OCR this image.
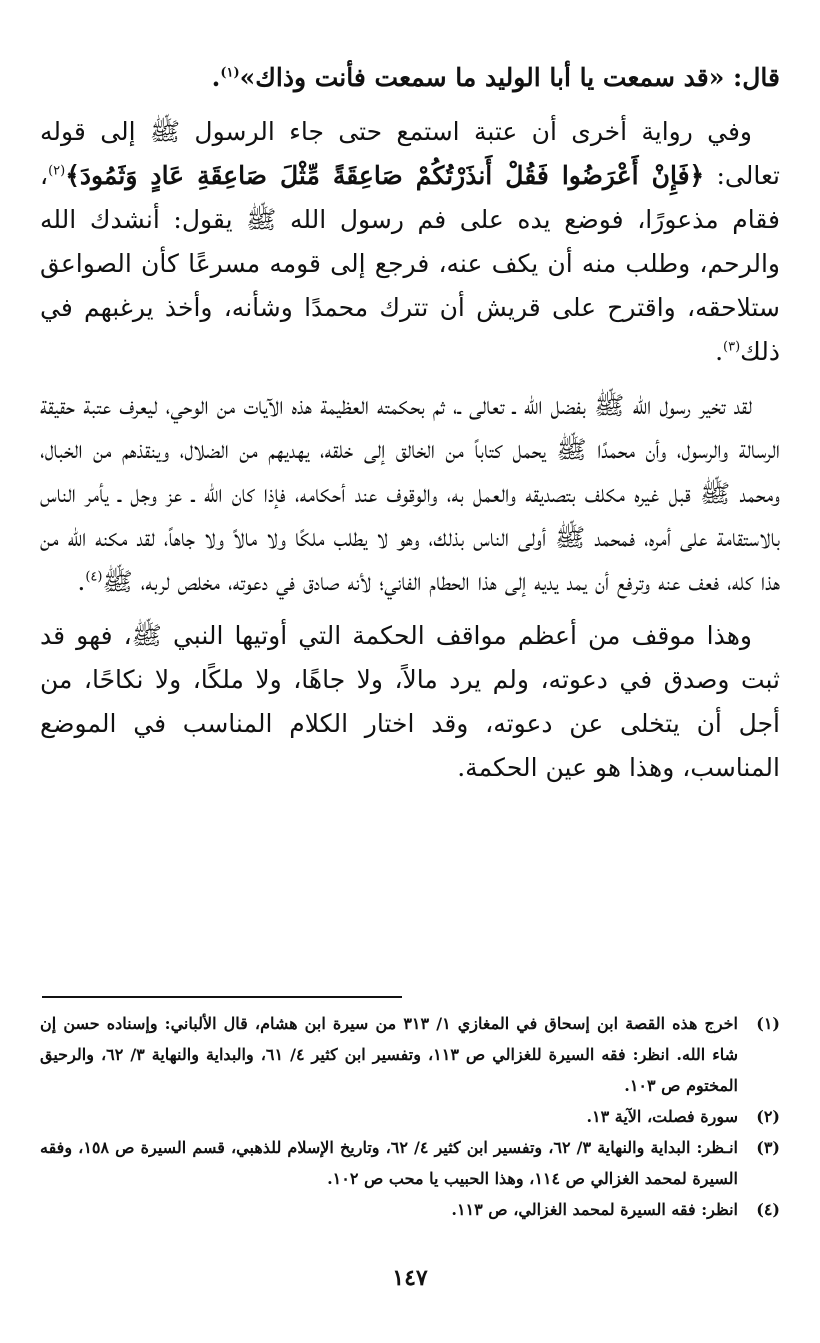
قال: «قد سمعت يا أبا الوليد ما سمعت فأنت وذاك»$^{(١)}$.

وفي رواية أخرى أن عتبة استمع حتى جاء الرسول ﷺ إلى قوله تعالى: ﴿فَإِنْ أَعْرَضُوا فَقُلْ أَنذَرْتُكُمْ صَاعِقَةً مِّثْلَ صَاعِقَةِ عَادٍ وَثَمُودَ﴾$^{(٢)}$، فقام مذعورًا، فوضع يده على فم رسول الله ﷺ يقول: أنشدك الله والرحم، وطلب منه أن يكف عنه، فرجع إلى قومه مسرعًا كأن الصواعق ستلاحقه، واقترح على قريش أن تترك محمدًا وشأنه، وأخذ يرغبهم في ذلك$^{(٣)}$.

لقد تخير رسول الله ﷺ بفضل الله ـ تعالى ـ، ثم بحكمته العظيمة هذه الآيات من الوحي، ليعرف عتبة حقيقة الرسالة والرسول، وأن محمدًا ﷺ يحمل كتاباً من الخالق إلى خلقه، يهديهم من الضلال، وينقذهم من الخبال، ومحمد ﷺ قبل غيره مكلف بتصديقه والعمل به، والوقوف عند أحكامه، فإذا كان الله ـ عز وجل ـ يأمر الناس بالاستقامة على أمره، فمحمد ﷺ أولى الناس بذلك، وهو لا يطلب ملكًا ولا مالاً ولا جاهاً، لقد مكنه الله من هذا كله، فعف عنه وترفع أن يمد يديه إلى هذا الحطام الفاني؛ لأنه صادق في دعوته، مخلص لربه، ﷺ$^{(٤)}$.

وهذا موقف من أعظم مواقف الحكمة التي أوتيها النبي ﷺ، فهو قد ثبت وصدق في دعوته، ولم يرد مالاً، ولا جاهًا، ولا ملكًا، ولا نكاحًا، من أجل أن يتخلى عن دعوته، وقد اختار الكلام المناسب في الموضع المناسب، وهذا هو عين الحكمة.

(١)
اخرج هذه القصة ابن إسحاق في المغازي ١/ ٣١٣ من سيرة ابن هشام، قال الألباني: وإسناده حسن إن شاء الله. انظر: فقه السيرة للغزالي ص ١١٣، وتفسير ابن كثير ٤/ ٦١، والبداية والنهاية ٣/ ٦٢، والرحيق المختوم ص ١٠٣.
(٢)
سورة فصلت، الآية ١٣.
(٣)
انـظر: البداية والنهاية ٣/ ٦٢، وتفسير ابن كثير ٤/ ٦٢، وتاريخ الإسلام للذهبي، قسم السيرة ص ١٥٨، وفقه السيرة لمحمد الغزالي ص ١١٤، وهذا الحبيب يا محب ص ١٠٢.
(٤)
انظر: فقه السيرة لمحمد الغزالي، ص ١١٣.
١٤٧
